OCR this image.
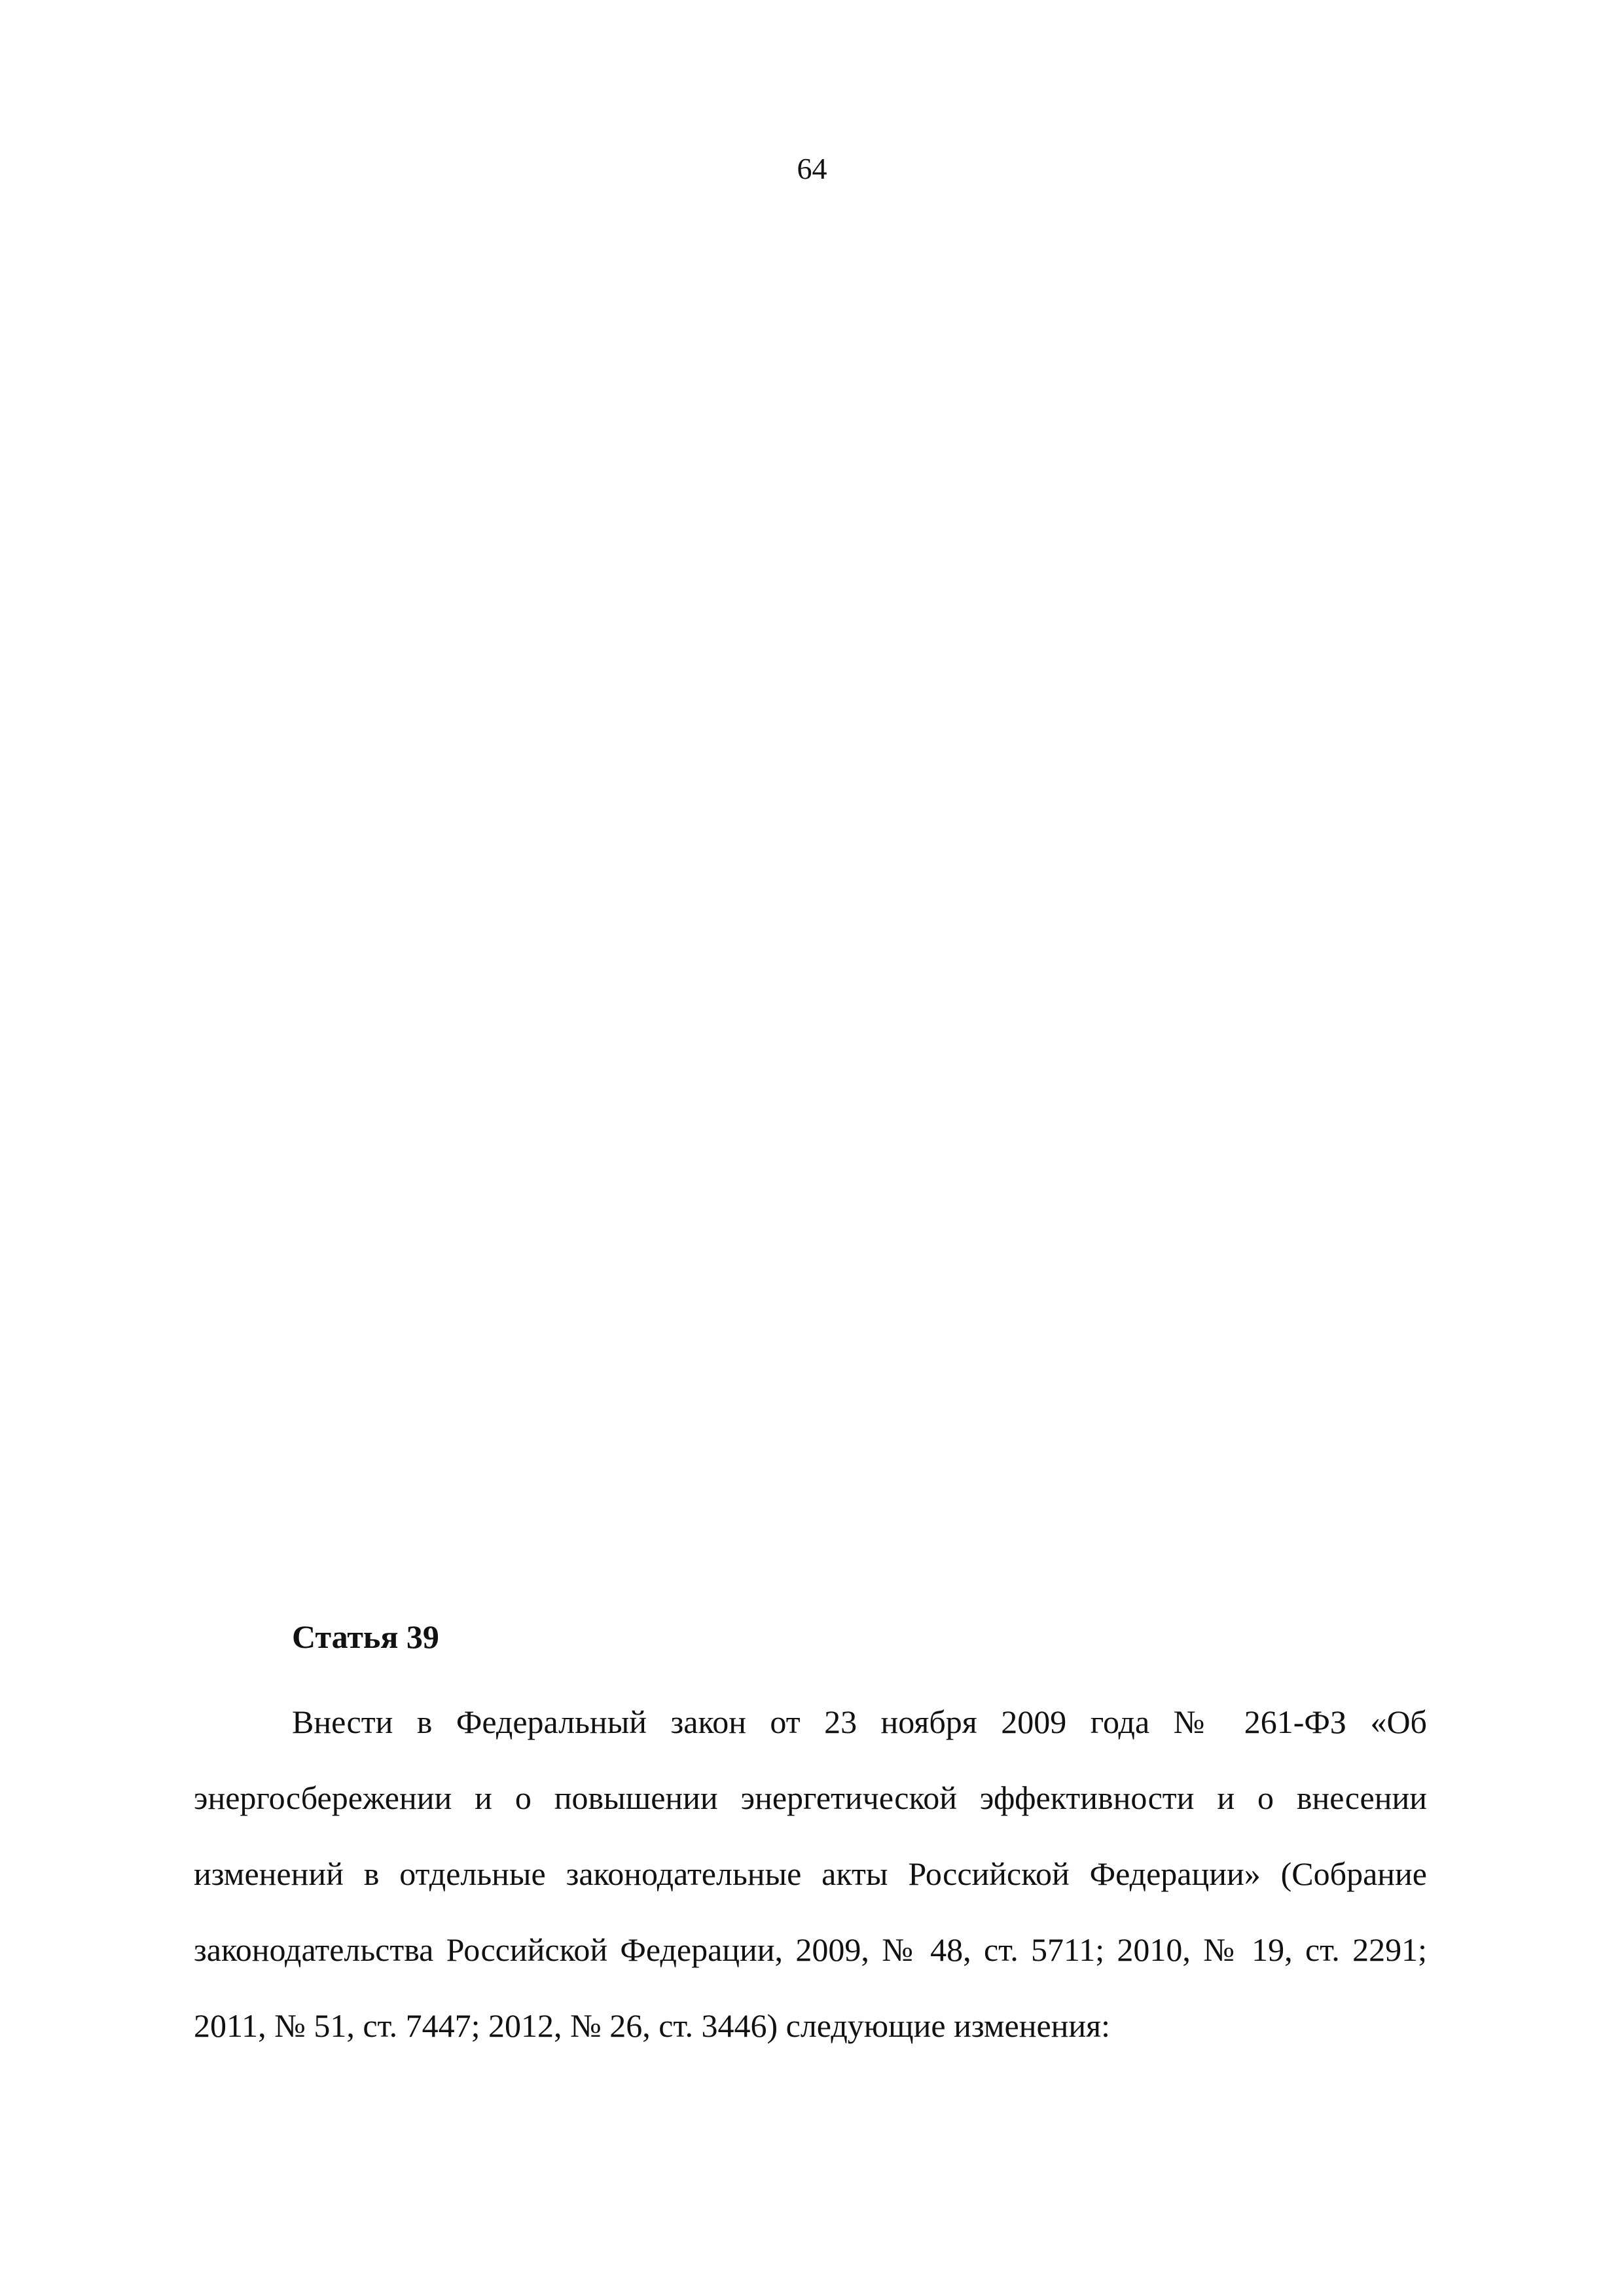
64
Статья 39

Внести в Федеральный закон от 23 ноября 2009 года № 261-ФЗ «Об энергосбережении и о повышении энергетической эффективности и о внесении изменений в отдельные законодательные акты Российской Федерации» (Собрание законодательства Российской Федерации, 2009, № 48, ст. 5711; 2010, № 19, ст. 2291; 2011, № 51, ст. 7447; 2012, № 26, ст. 3446) следующие изменения:
